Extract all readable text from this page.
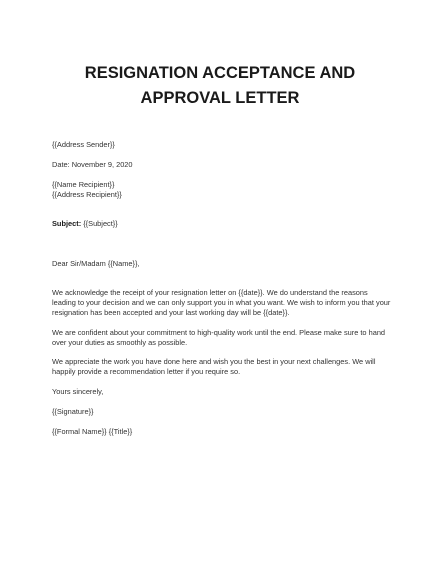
RESIGNATION ACCEPTANCE AND
APPROVAL LETTER
{{Address Sender}}
Date: November 9, 2020
{{Name Recipient}}
{{Address Recipient}}
Subject: {{Subject}}
Dear Sir/Madam {{Name}},
We acknowledge the receipt of your resignation letter on {{date}}. We do understand the reasons
leading to your decision and we can only support you in what you want. We wish to inform you that your
resignation has been accepted and your last working day will be {{date}}.
We are confident about your commitment to high-quality work until the end. Please make sure to hand
over your duties as smoothly as possible.
We appreciate the work you have done here and wish you the best in your next challenges. We will
happily provide a recommendation letter if you require so.
Yours sincerely,
{{Signature}}
{{Formal Name}} {{Title}}
